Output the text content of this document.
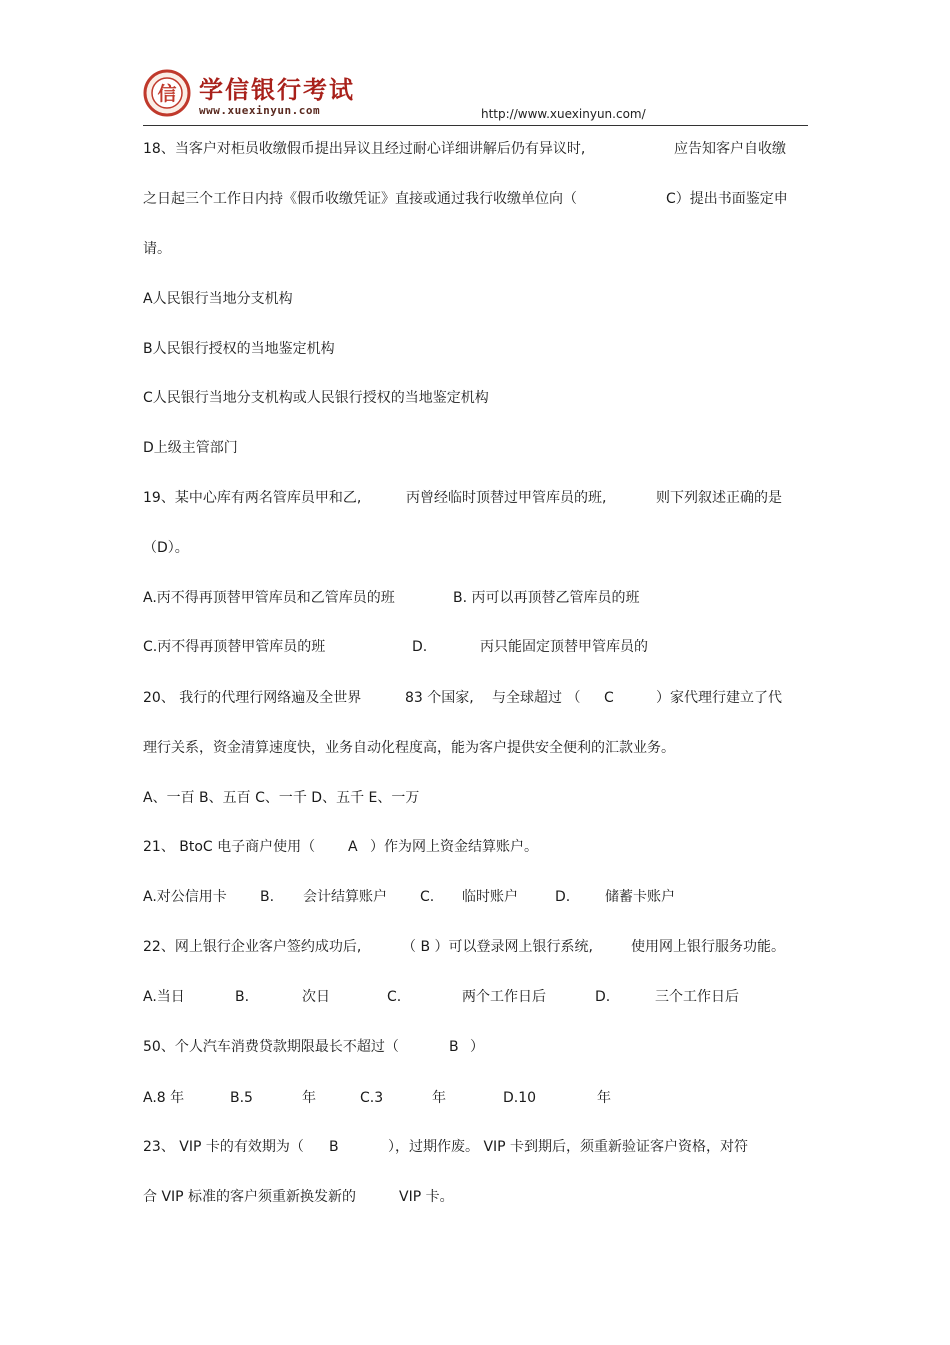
信 学信银行考试
www.xuexinyun.com	http://www.xuexinyun.com/
18、当客户对柜员收缴假币提出异议且经过耐心详细讲解后仍有异议时,	应告知客户自收缴
之日起三个工作日内持《假币收缴凭证》直接或通过我行收缴单位向（	C）提出书面鉴定申
请。
A人民银行当地分支机构
B人民银行授权的当地鉴定机构
C人民银行当地分支机构或人民银行授权的当地鉴定机构
D上级主管部门
19、某中心库有两名管库员甲和乙,	丙曾经临时顶替过甲管库员的班,	则下列叙述正确的是
（D）。
A.丙不得再顶替甲管库员和乙管库员的班	B. 丙可以再顶替乙管库员的班
C.丙不得再顶替甲管库员的班	D.	丙只能固定顶替甲管库员的
20、 我行的代理行网络遍及全世界	83 个国家, 与全球超过 （ C	）家代理行建立了代
理行关系，资金清算速度快，业务自动化程度高，能为客户提供安全便利的汇款业务。
A、一百 B、五百 C、一千 D、五千 E、一万
21、 BtoC 电子商户使用（ A ）作为网上资金结算账户。
A.对公信用卡 B. 会计结算账户 C. 临时账户	D. 储蓄卡账户
22、网上银行企业客户签约成功后,	（ B ）可以登录网上银行系统,	使用网上银行服务功能。
A.当日	B.	次日	C.	两个工作日后	D.	三个工作日后
50、个人汽车消费贷款期限最长不超过（	B ）
A.8 年	B.5	年	C.3	年	D.10	年
23、 VIP 卡的有效期为（ B	），过期作废。 VIP 卡到期后，须重新验证客户资格，对符
合 VIP 标准的客户须重新换发新的	VIP 卡。
